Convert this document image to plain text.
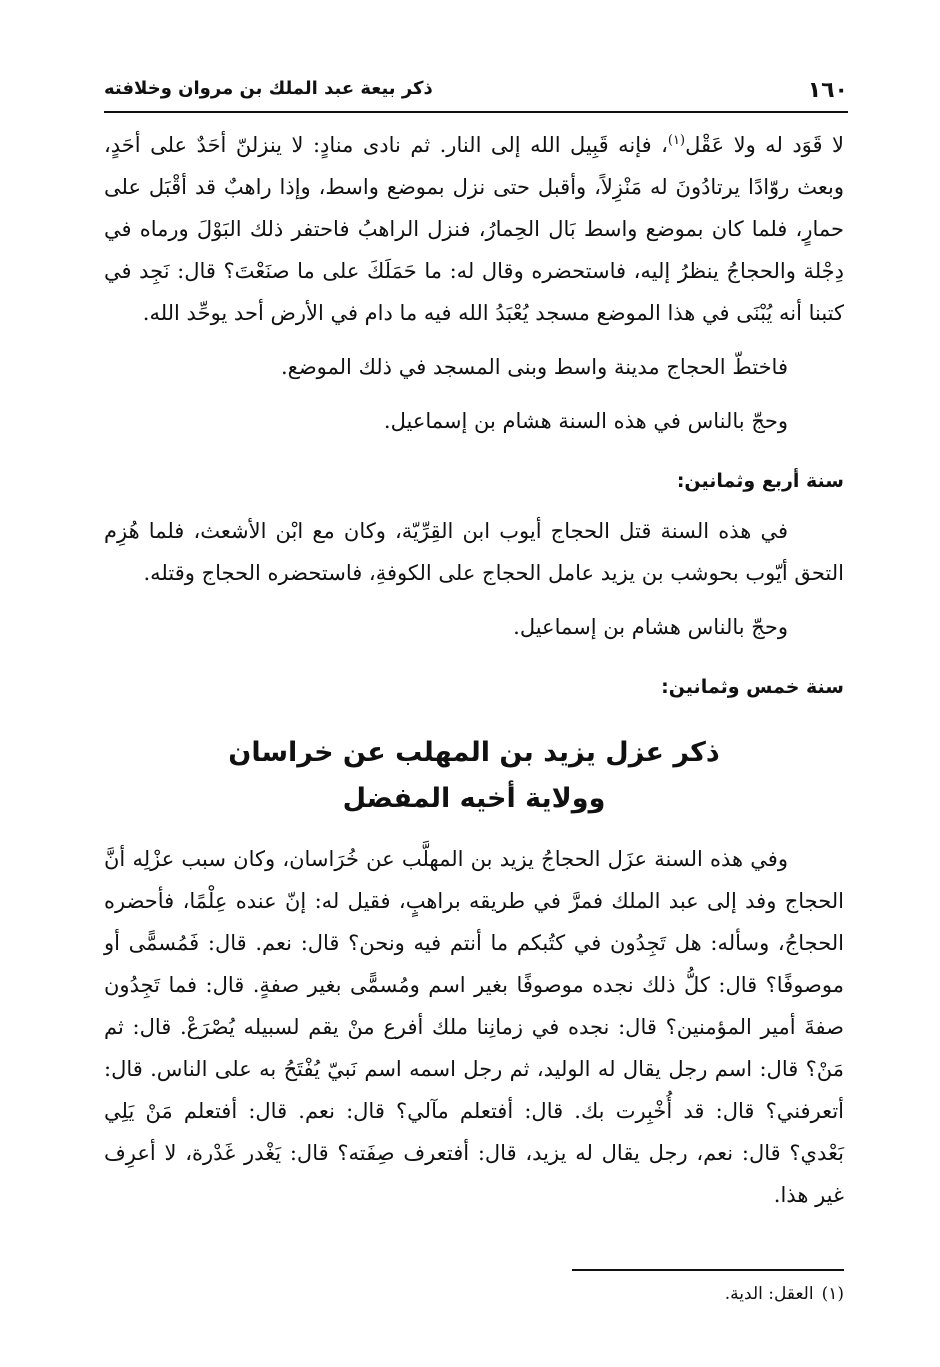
١٦٠
ذكر بيعة عبد الملك بن مروان وخلافته

لا قَوَد له ولا عَقْل$^{(١)}$، فإنه قَبِيل الله إلى النار. ثم نادى منادٍ: لا ينزلنّ أحَدٌ على أحَدٍ، وبعث روّادًا يرتادُونَ له مَنْزِلاً، وأقبل حتى نزل بموضع واسط، وإذا راهبٌ قد أقْبَل على حمارٍ، فلما كان بموضع واسط بَال الحِمارُ، فنزل الراهبُ فاحتفر ذلك البَوْلَ ورماه في دِجْلة والحجاجُ ينظرُ إليه، فاستحضره وقال له: ما حَمَلَكَ على ما صنَعْتَ؟ قال: نَجِد في كتبنا أنه يُبْنَى في هذا الموضع مسجد يُعْبَدُ الله فيه ما دام في الأرض أحد يوحِّد الله.

فاختطّ الحجاج مدينة واسط وبنى المسجد في ذلك الموضع.

وحجّ بالناس في هذه السنة هشام بن إسماعيل.

سنة أربع وثمانين:

في هذه السنة قتل الحجاج أيوب ابن القِرِّيّة، وكان مع ابْن الأشعث، فلما هُزِم التحق أيّوب بحوشب بن يزيد عامل الحجاج على الكوفةِ، فاستحضره الحجاج وقتله.

وحجّ بالناس هشام بن إسماعيل.

سنة خمس وثمانين:
ذكر عزل يزيد بن المهلب عن خراسان
وولاية أخيه المفضل

وفي هذه السنة عزَل الحجاجُ يزيد بن المهلَّب عن خُرَاسان، وكان سبب عزْلِه أنَّ الحجاج وفد إلى عبد الملك فمرَّ في طريقه براهبٍ، فقيل له: إنّ عنده عِلْمًا، فأحضره الحجاجُ، وسأله: هل تَجِدُون في كتُبكم ما أنتم فيه ونحن؟ قال: نعم. قال: فَمُسمًّى أو موصوفًا؟ قال: كلُّ ذلك نجده موصوفًا بغير اسم ومُسمًّى بغير صفةٍ. قال: فما تَجِدُون صفةَ أمير المؤمنين؟ قال: نجده في زمانِنا ملك أفرع منْ يقم لسبيله يُصْرَعْ. قال: ثم مَنْ؟ قال: اسم رجل يقال له الوليد، ثم رجل اسمه اسم نَبيّ يُفْتَحُ به على الناس. قال: أتعرفني؟ قال: قد أُخْبِرت بك. قال: أفتعلم مآلي؟ قال: نعم. قال: أفتعلم مَنْ يَلِي بَعْدي؟ قال: نعم، رجل يقال له يزيد، قال: أفتعرف صِفَته؟ قال: يَغْدر غَدْرة، لا أعرِف غير هذا.

(١)العقل: الدية.
